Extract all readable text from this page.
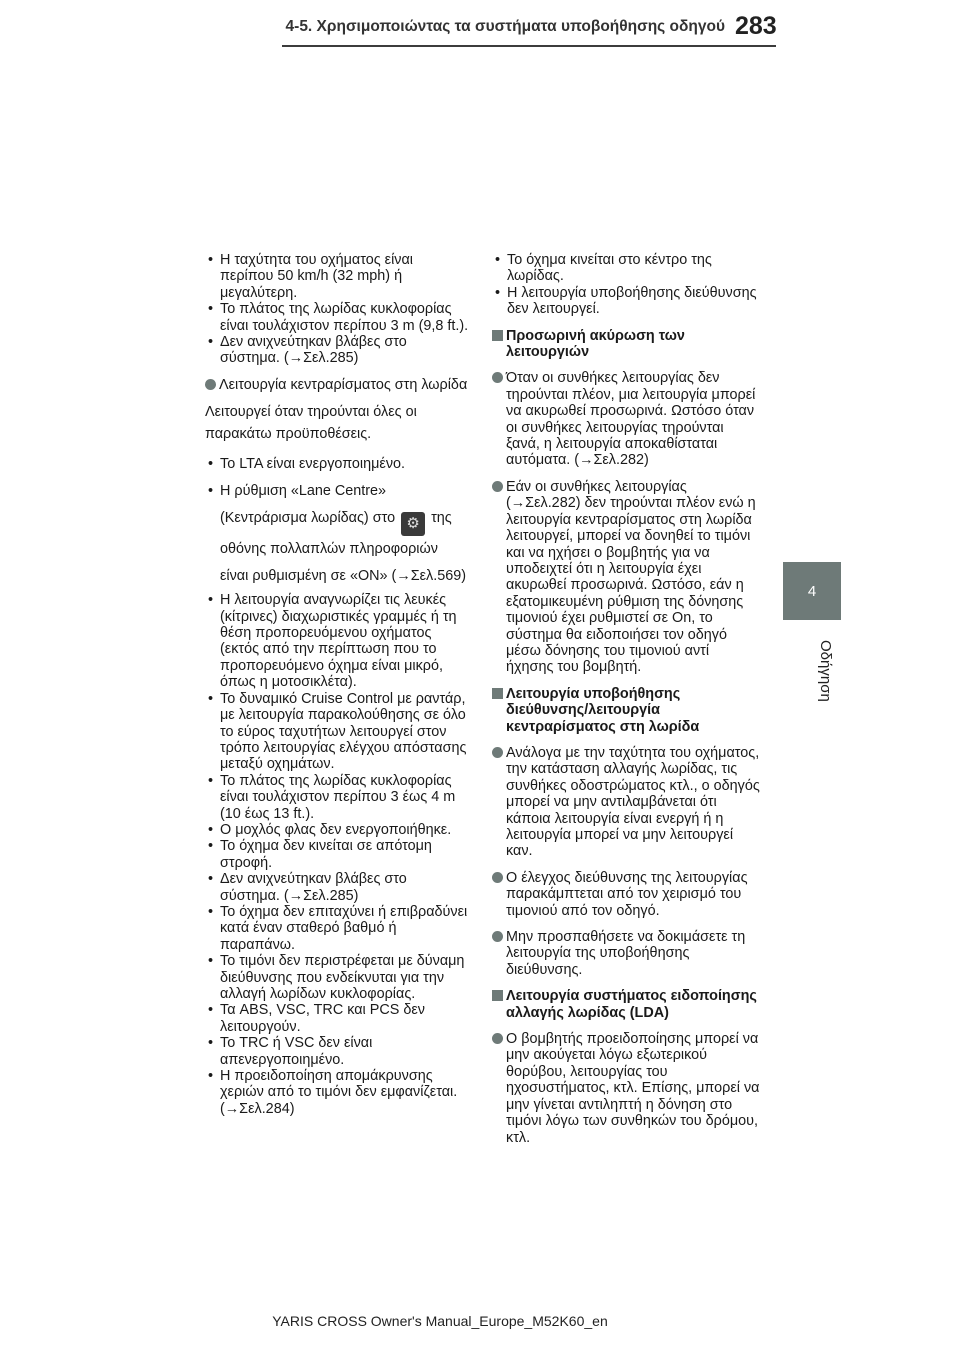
4-5. Χρησιμοποιώντας τα συστήματα υποβοήθησης οδηγού 283
4
Οδήγηση
• Η ταχύτητα του οχήματος είναι περίπου 50 km/h (32 mph) ή μεγαλύτερη.
• Το πλάτος της λωρίδας κυκλοφορίας είναι τουλάχιστον περίπου 3 m (9,8 ft.).
• Δεν ανιχνεύτηκαν βλάβες στο σύστημα. (→Σελ.285)
Λειτουργία κεντραρίσματος στη λωρίδα
Λειτουργεί όταν τηρούνται όλες οι παρακάτω προϋποθέσεις.
• Το LTA είναι ενεργοποιημένο.
• Η ρύθμιση «Lane Centre» (Κεντράρισμα λωρίδας) στο ⚙ της οθόνης πολλαπλών πληροφοριών είναι ρυθμισμένη σε «ON» (→Σελ.569)
• Η λειτουργία αναγνωρίζει τις λευκές (κίτρινες) διαχωριστικές γραμμές ή τη θέση προπορευόμενου οχήματος (εκτός από την περίπτωση που το προπορευόμενο όχημα είναι μικρό, όπως η μοτοσικλέτα).
• Το δυναμικό Cruise Control με ραντάρ, με λειτουργία παρακολούθησης σε όλο το εύρος ταχυτήτων λειτουργεί στον τρόπο λειτουργίας ελέγχου απόστασης μεταξύ οχημάτων.
• Το πλάτος της λωρίδας κυκλοφορίας είναι τουλάχιστον περίπου 3 έως 4 m (10 έως 13 ft.).
• Ο μοχλός φλας δεν ενεργοποιήθηκε.
• Το όχημα δεν κινείται σε απότομη στροφή.
• Δεν ανιχνεύτηκαν βλάβες στο σύστημα. (→Σελ.285)
• Το όχημα δεν επιταχύνει ή επιβραδύνει κατά έναν σταθερό βαθμό ή παραπάνω.
• Το τιμόνι δεν περιστρέφεται με δύναμη διεύθυνσης που ενδείκνυται για την αλλαγή λωρίδων κυκλοφορίας.
• Τα ABS, VSC, TRC και PCS δεν λειτουργούν.
• Το TRC ή VSC δεν είναι απενεργοποιημένο.
• Η προειδοποίηση απομάκρυνσης χεριών από το τιμόνι δεν εμφανίζεται. (→Σελ.284)
• Το όχημα κινείται στο κέντρο της λωρίδας.
• Η λειτουργία υποβοήθησης διεύθυνσης δεν λειτουργεί.
Προσωρινή ακύρωση των λειτουργιών
Όταν οι συνθήκες λειτουργίας δεν τηρούνται πλέον, μια λειτουργία μπορεί να ακυρωθεί προσωρινά. Ωστόσο όταν οι συνθήκες λειτουργίας τηρούνται ξανά, η λειτουργία αποκαθίσταται αυτόματα. (→Σελ.282)
Εάν οι συνθήκες λειτουργίας (→Σελ.282) δεν τηρούνται πλέον ενώ η λειτουργία κεντραρίσματος στη λωρίδα λειτουργεί, μπορεί να δονηθεί το τιμόνι και να ηχήσει ο βομβητής για να υποδειχτεί ότι η λειτουργία έχει ακυρωθεί προσωρινά. Ωστόσο, εάν η εξατομικευμένη ρύθμιση της δόνησης τιμονιού έχει ρυθμιστεί σε On, το σύστημα θα ειδοποιήσει τον οδηγό μέσω δόνησης του τιμονιού αντί ήχησης του βομβητή.
Λειτουργία υποβοήθησης διεύθυνσης/λειτουργία κεντραρίσματος στη λωρίδα
Ανάλογα με την ταχύτητα του οχήματος, την κατάσταση αλλαγής λωρίδας, τις συνθήκες οδοστρώματος κτλ., ο οδηγός μπορεί να μην αντιλαμβάνεται ότι κάποια λειτουργία είναι ενεργή ή η λειτουργία μπορεί να μην λειτουργεί καν.
Ο έλεγχος διεύθυνσης της λειτουργίας παρακάμπτεται από τον χειρισμό του τιμονιού από τον οδηγό.
Μην προσπαθήσετε να δοκιμάσετε τη λειτουργία της υποβοήθησης διεύθυνσης.
Λειτουργία συστήματος ειδοποίησης αλλαγής λωρίδας (LDA)
Ο βομβητής προειδοποίησης μπορεί να μην ακούγεται λόγω εξωτερικού θορύβου, λειτουργίας του ηχοσυστήματος, κτλ. Επίσης, μπορεί να μην γίνεται αντιληπτή η δόνηση στο τιμόνι λόγω των συνθηκών του δρόμου, κτλ.
YARIS CROSS Owner's Manual_Europe_M52K60_en
